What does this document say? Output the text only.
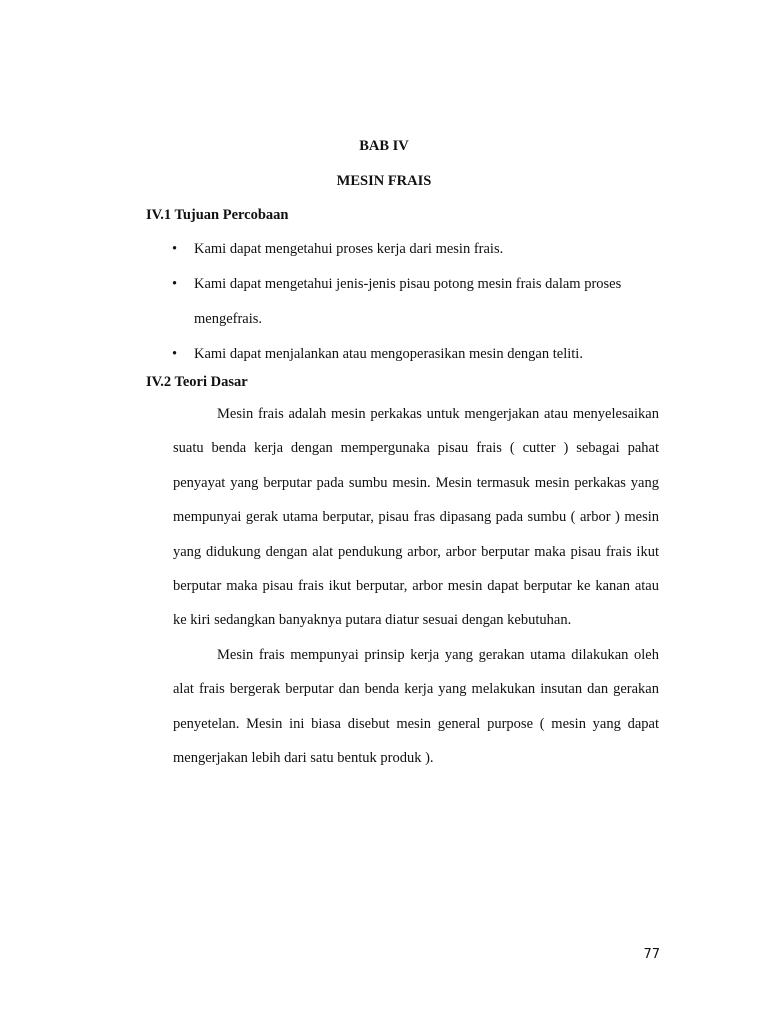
BAB IV
MESIN FRAIS
IV.1 Tujuan Percobaan
• Kami dapat mengetahui proses kerja dari mesin frais.
• Kami dapat mengetahui jenis-jenis pisau potong mesin frais dalam proses mengefrais.
• Kami dapat menjalankan atau mengoperasikan mesin dengan teliti.
IV.2 Teori Dasar

Mesin frais adalah mesin perkakas untuk mengerjakan atau menyelesaikan suatu benda kerja dengan mempergunaka pisau frais ( cutter ) sebagai pahat penyayat yang berputar pada sumbu mesin. Mesin termasuk mesin perkakas yang mempunyai gerak utama berputar, pisau fras dipasang pada sumbu ( arbor ) mesin yang didukung dengan alat pendukung arbor, arbor berputar maka pisau frais ikut berputar maka pisau frais ikut berputar, arbor mesin dapat berputar ke kanan atau ke kiri sedangkan banyaknya putara diatur sesuai dengan kebutuhan.

Mesin frais mempunyai prinsip kerja yang gerakan utama dilakukan oleh alat frais bergerak berputar dan benda kerja yang melakukan insutan dan gerakan penyetelan. Mesin ini biasa disebut mesin general purpose ( mesin yang dapat mengerjakan lebih dari satu bentuk produk ).

77
